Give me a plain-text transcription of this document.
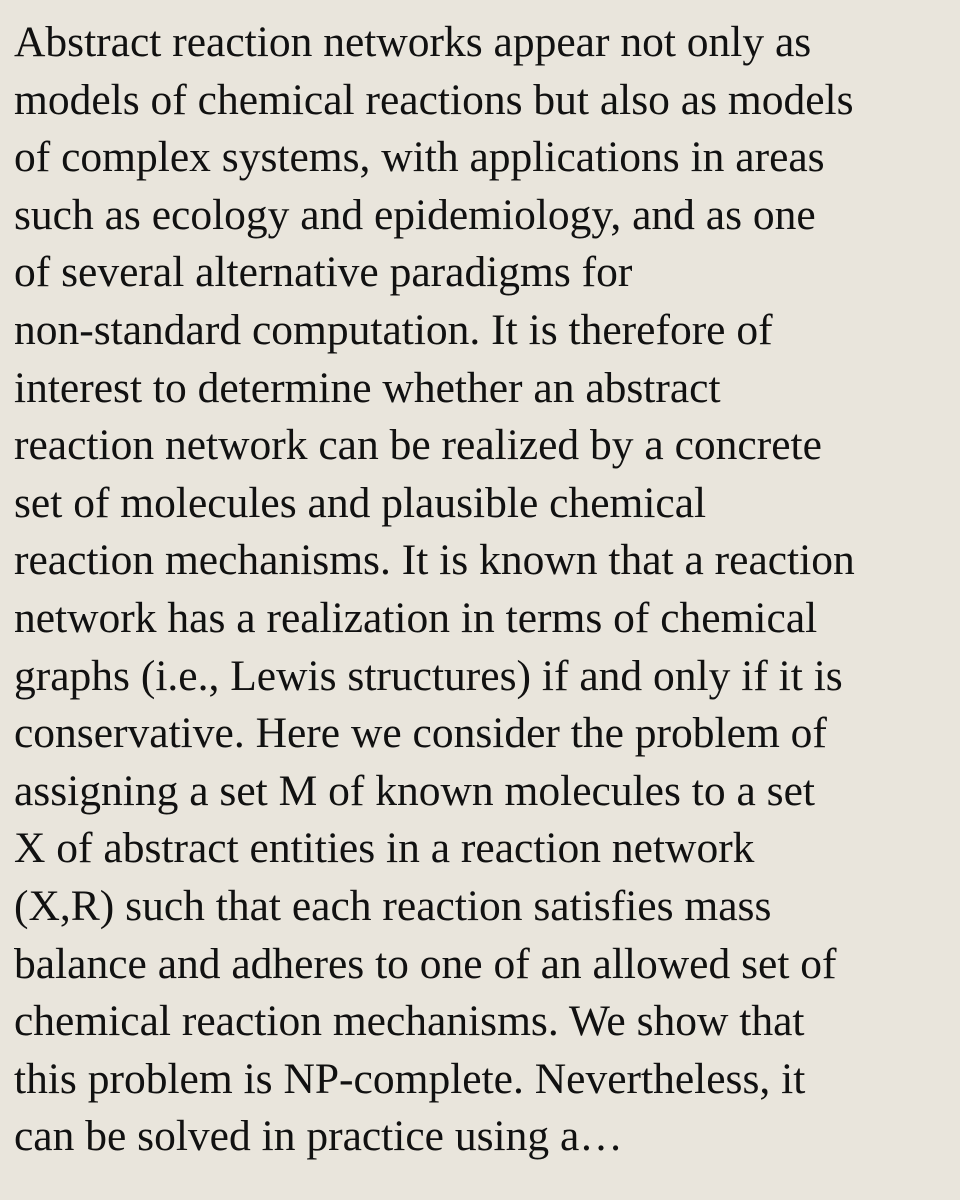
Abstract reaction networks appear not only as
models of chemical reactions but also as models
of complex systems, with applications in areas
such as ecology and epidemiology, and as one
of several alternative paradigms for
non-standard computation. It is therefore of
interest to determine whether an abstract
reaction network can be realized by a concrete
set of molecules and plausible chemical
reaction mechanisms. It is known that a reaction
network has a realization in terms of chemical
graphs (i.e., Lewis structures) if and only if it is
conservative. Here we consider the problem of
assigning a set M of known molecules to a set
X of abstract entities in a reaction network
(X,R) such that each reaction satisfies mass
balance and adheres to one of an allowed set of
chemical reaction mechanisms. We show that
this problem is NP-complete. Nevertheless, it
can be solved in practice using a…
